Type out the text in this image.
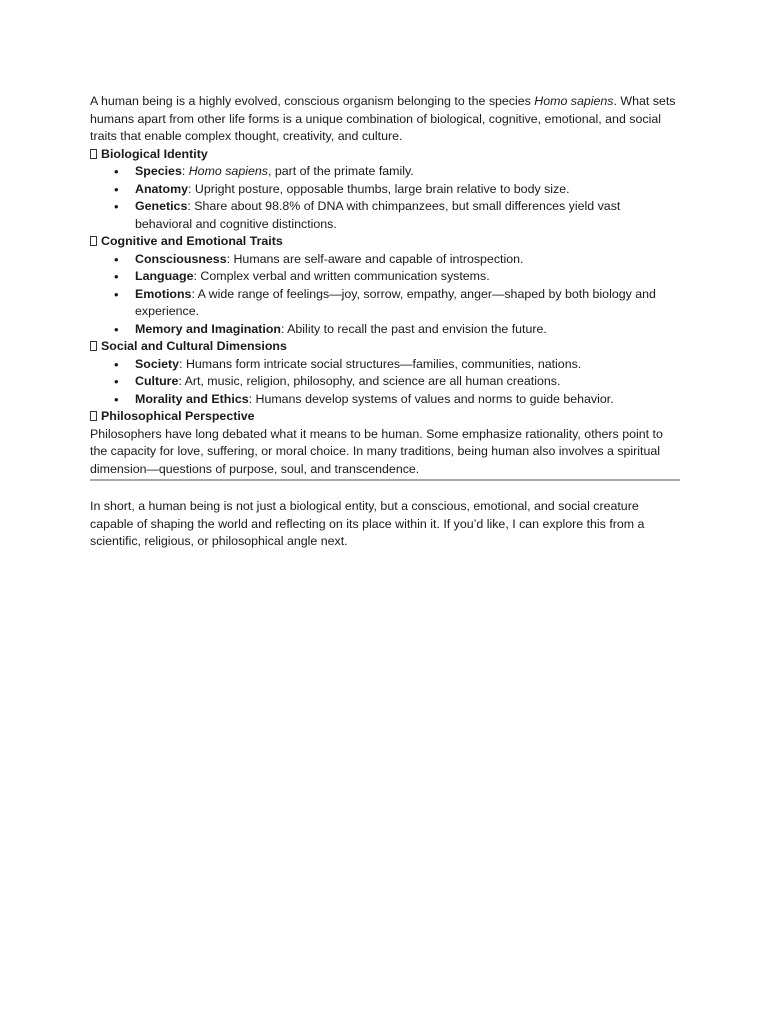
A human being is a highly evolved, conscious organism belonging to the species Homo sapiens. What sets humans apart from other life forms is a unique combination of biological, cognitive, emotional, and social traits that enable complex thought, creativity, and culture.

Biological Identity

• Species: Homo sapiens, part of the primate family.
• Anatomy: Upright posture, opposable thumbs, large brain relative to body size.
• Genetics: Share about 98.8% of DNA with chimpanzees, but small differences yield vast behavioral and cognitive distinctions.

Cognitive and Emotional Traits

• Consciousness: Humans are self-aware and capable of introspection.
• Language: Complex verbal and written communication systems.
• Emotions: A wide range of feelings—joy, sorrow, empathy, anger—shaped by both biology and experience.
• Memory and Imagination: Ability to recall the past and envision the future.

Social and Cultural Dimensions

• Society: Humans form intricate social structures—families, communities, nations.
• Culture: Art, music, religion, philosophy, and science are all human creations.
• Morality and Ethics: Humans develop systems of values and norms to guide behavior.

Philosophical Perspective

Philosophers have long debated what it means to be human. Some emphasize rationality, others point to the capacity for love, suffering, or moral choice. In many traditions, being human also involves a spiritual dimension—questions of purpose, soul, and transcendence.

In short, a human being is not just a biological entity, but a conscious, emotional, and social creature capable of shaping the world and reflecting on its place within it. If you’d like, I can explore this from a scientific, religious, or philosophical angle next.
